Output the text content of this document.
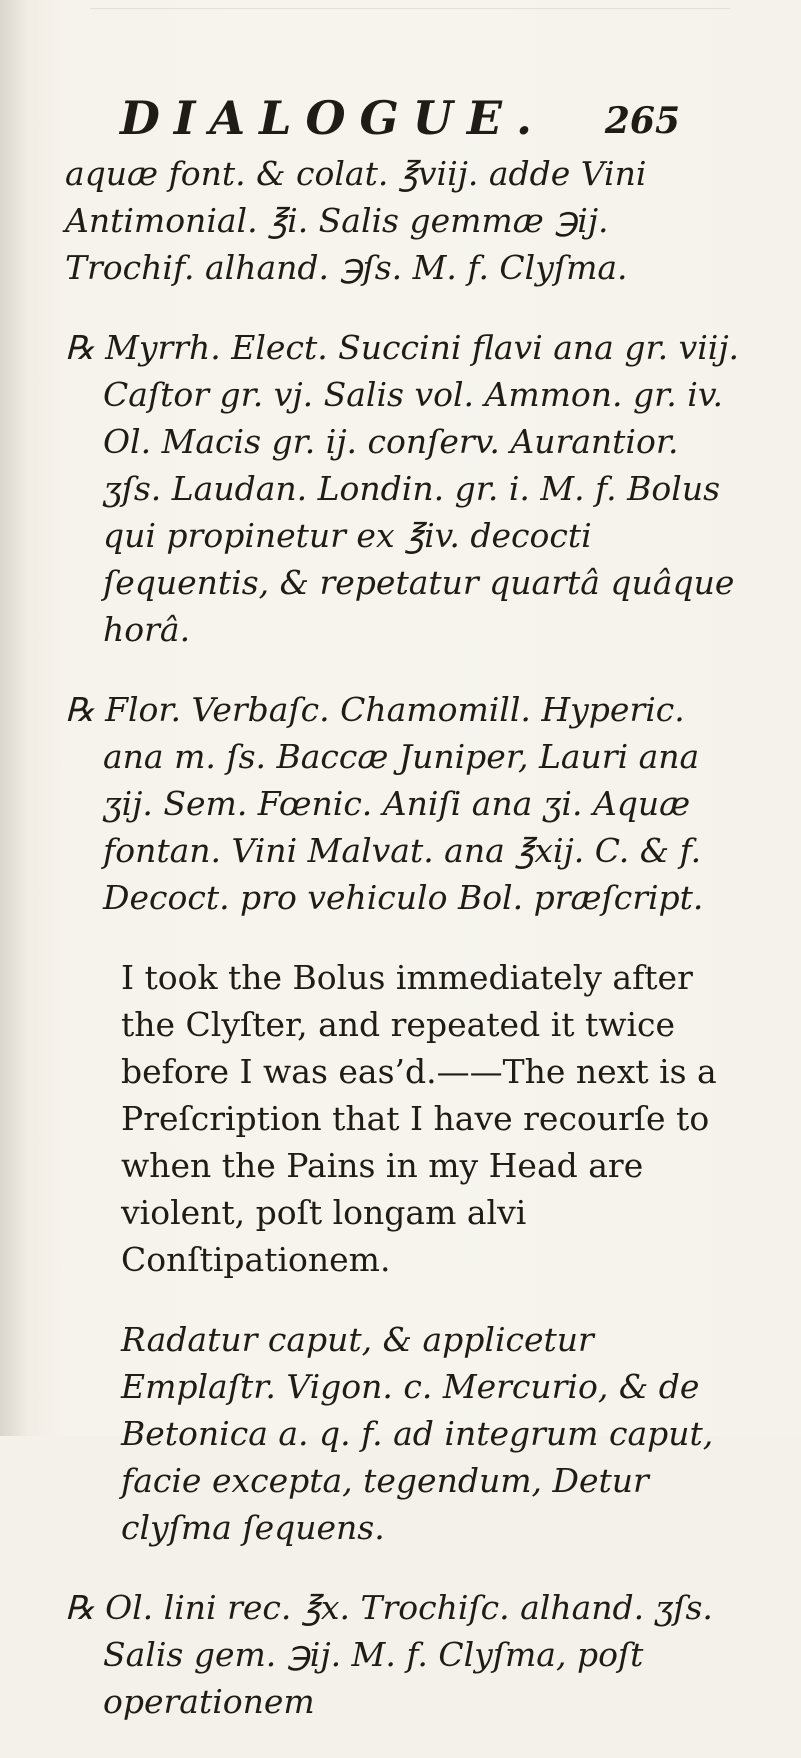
DIALOGUE. 265

aquæ font. & colat. ℥viij. adde Vini Antimonial. ℥i. Salis gemmæ ℈ij. Trochif. alhand. ℈ſs. M. f. Clyſma.

℞ Myrrh. Elect. Succini flavi ana gr. viij. Caſtor gr. vj. Salis vol. Ammon. gr. iv. Ol. Macis gr. ij. conſerv. Aurantior. ʒſs. Laudan. Londin. gr. i. M. f. Bolus qui propinetur ex ℥iv. decocti ſequentis, & repetatur quartâ quâque horâ.

℞ Flor. Verbaſc. Chamomill. Hyperic. ana m. ſs. Baccæ Juniper, Lauri ana ʒij. Sem. Fœnic. Aniſi ana ʒi. Aquæ fontan. Vini Malvat. ana ℥xij. C. & f. Decoct. pro vehiculo Bol. præſcript.

I took the Bolus immediately after the Clyſter, and repeated it twice before I was eas’d.——The next is a Preſcription that I have recourſe to when the Pains in my Head are violent, poſt longam alvi Conſtipationem.

Radatur caput, & applicetur Emplaſtr. Vigon. c. Mercurio, & de Betonica a. q. f. ad integrum caput, facie excepta, tegendum, Detur clyſma ſequens.

℞ Ol. lini rec. ℥x. Trochiſc. alhand. ʒſs. Salis gem. ℈ij. M. f. Clyſma, poſt operationem
